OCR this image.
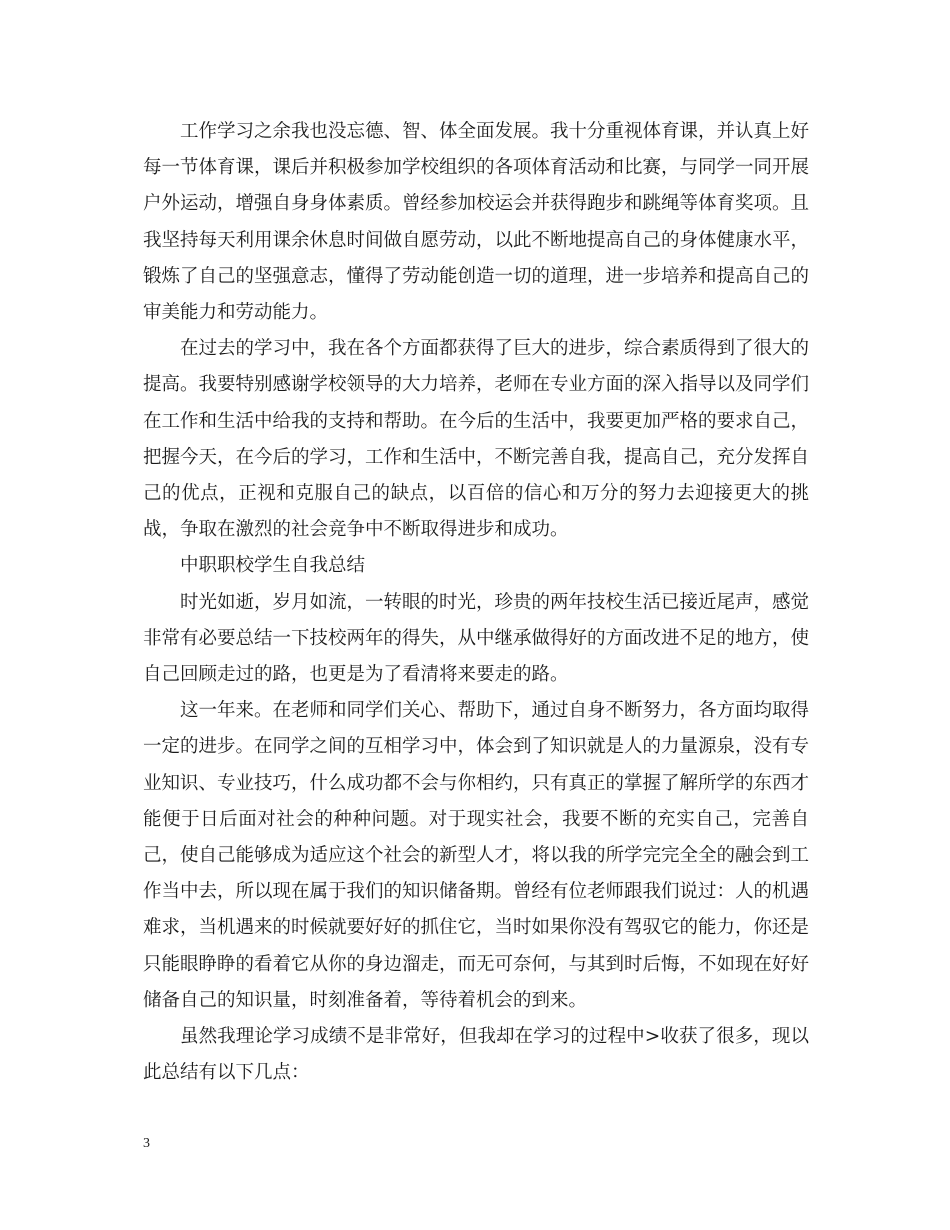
工作学习之余我也没忘德、智、体全面发展。我十分重视体育课，并认真上好每一节体育课，课后并积极参加学校组织的各项体育活动和比赛，与同学一同开展户外运动，增强自身身体素质。曾经参加校运会并获得跑步和跳绳等体育奖项。且我坚持每天利用课余休息时间做自愿劳动，以此不断地提高自己的身体健康水平，锻炼了自己的坚强意志，懂得了劳动能创造一切的道理，进一步培养和提高自己的审美能力和劳动能力。

在过去的学习中，我在各个方面都获得了巨大的进步，综合素质得到了很大的提高。我要特别感谢学校领导的大力培养，老师在专业方面的深入指导以及同学们在工作和生活中给我的支持和帮助。在今后的生活中，我要更加严格的要求自己，把握今天，在今后的学习，工作和生活中，不断完善自我，提高自己，充分发挥自己的优点，正视和克服自己的缺点，以百倍的信心和万分的努力去迎接更大的挑战，争取在激烈的社会竞争中不断取得进步和成功。

中职职校学生自我总结

时光如逝，岁月如流，一转眼的时光，珍贵的两年技校生活已接近尾声，感觉非常有必要总结一下技校两年的得失，从中继承做得好的方面改进不足的地方，使自己回顾走过的路，也更是为了看清将来要走的路。

这一年来。在老师和同学们关心、帮助下，通过自身不断努力，各方面均取得一定的进步。在同学之间的互相学习中，体会到了知识就是人的力量源泉，没有专业知识、专业技巧，什么成功都不会与你相约，只有真正的掌握了解所学的东西才能便于日后面对社会的种种问题。对于现实社会，我要不断的充实自己，完善自己，使自己能够成为适应这个社会的新型人才，将以我的所学完完全全的融会到工作当中去，所以现在属于我们的知识储备期。曾经有位老师跟我们说过：人的机遇难求，当机遇来的时候就要好好的抓住它，当时如果你没有驾驭它的能力，你还是只能眼睁睁的看着它从你的身边溜走，而无可奈何，与其到时后悔，不如现在好好储备自己的知识量，时刻准备着，等待着机会的到来。

虽然我理论学习成绩不是非常好，但我却在学习的过程中>收获了很多，现以此总结有以下几点：

3
